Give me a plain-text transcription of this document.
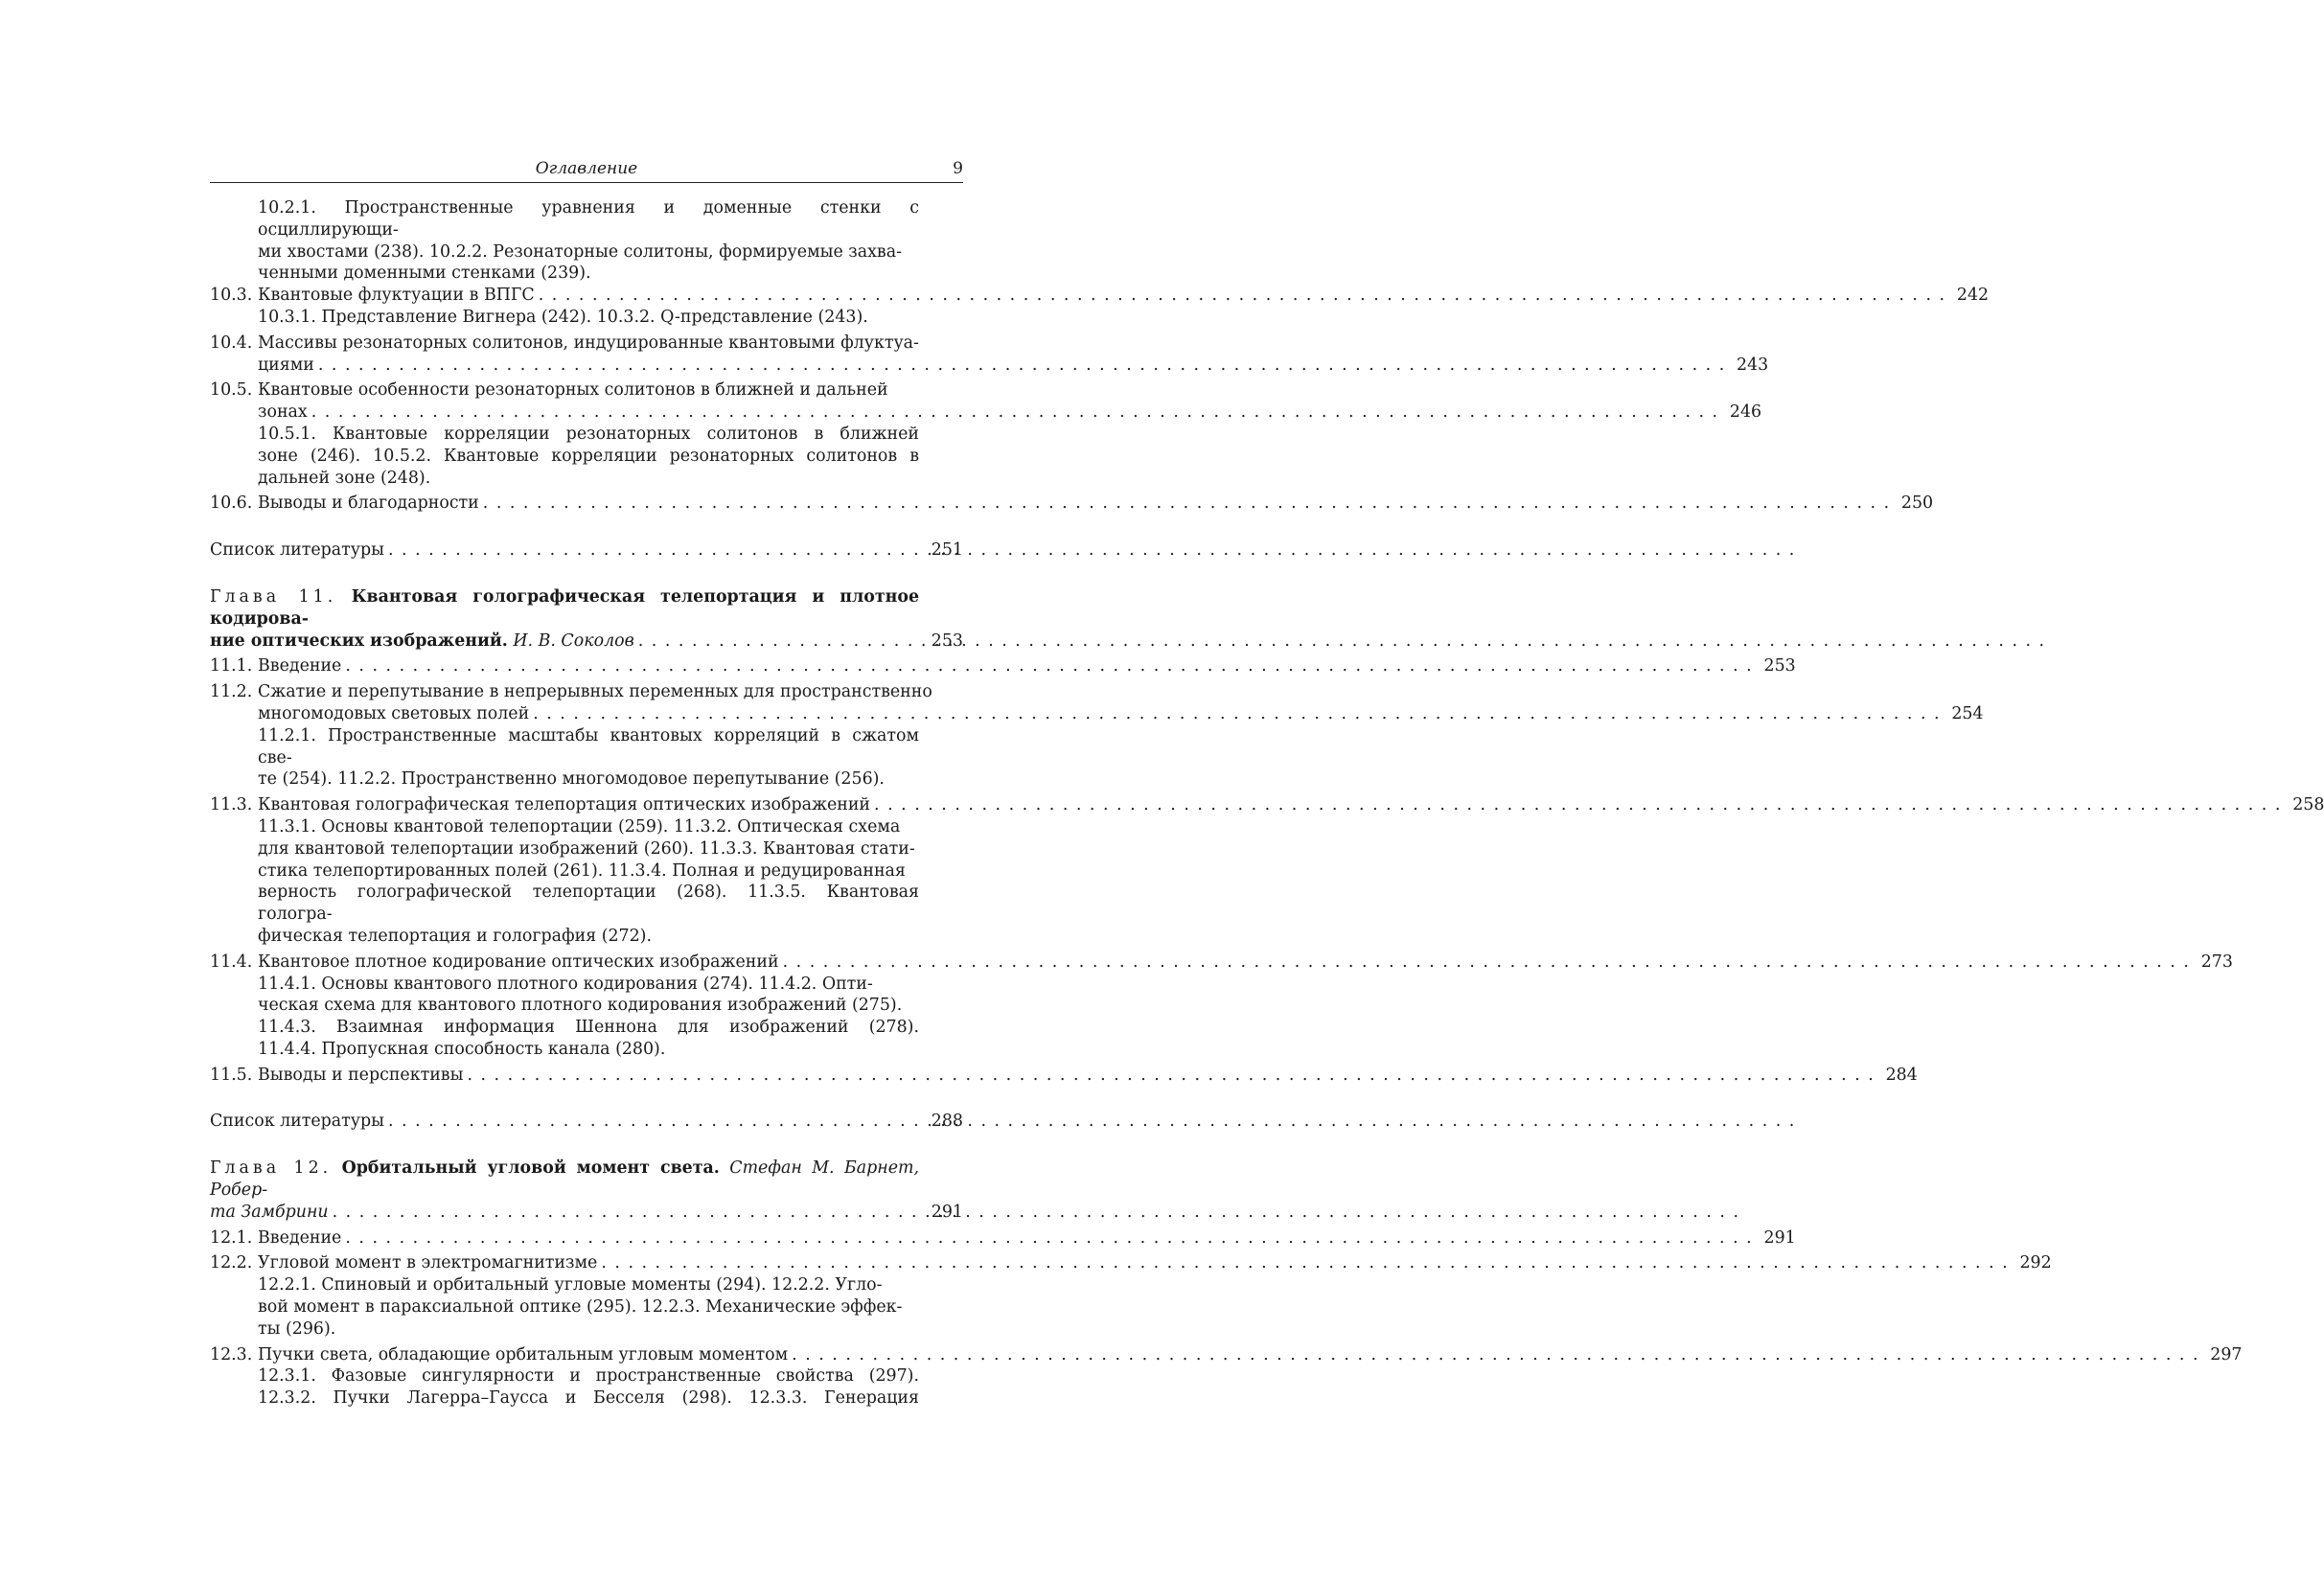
Оглавление	9
10.2.1. Пространственные уравнения и доменные стенки с осциллирующи-
ми хвостами (238). 10.2.2. Резонаторные солитоны, формируемые захва-
ченными доменными стенками (239).
10.3. Квантовые флуктуации в ВПГС . . .	242
10.3.1. Представление Вигнера (242). 10.3.2. Q-представление (243).
10.4. Массивы резонаторных солитонов, индуцированные квантовыми флуктуа-
циями . . .	243
10.5. Квантовые особенности резонаторных солитонов в ближней и дальней
зонах . . .	246
10.5.1. Квантовые корреляции резонаторных солитонов в ближней
зоне (246). 10.5.2. Квантовые корреляции резонаторных солитонов в
дальней зоне (248).
10.6. Выводы и благодарности . . .	250
Список литературы . . .	251
Глава 11. Квантовая голографическая телепортация и плотное кодирова-
ние оптических изображений. И. В. Соколов . . .	253
11.1. Введение . . .	253
11.2. Сжатие и перепутывание в непрерывных переменных для пространственно
многомодовых световых полей . . .	254
11.2.1. Пространственные масштабы квантовых корреляций в сжатом све-
те (254). 11.2.2. Пространственно многомодовое перепутывание (256).
11.3. Квантовая голографическая телепортация оптических изображений . . .	258
11.3.1. Основы квантовой телепортации (259). 11.3.2. Оптическая схема
для квантовой телепортации изображений (260). 11.3.3. Квантовая стати-
стика телепортированных полей (261). 11.3.4. Полная и редуцированная
верность голографической телепортации (268). 11.3.5. Квантовая гологра-
фическая телепортация и голография (272).
11.4. Квантовое плотное кодирование оптических изображений . . .	273
11.4.1. Основы квантового плотного кодирования (274). 11.4.2. Опти-
ческая схема для квантового плотного кодирования изображений (275).
11.4.3. Взаимная информация Шеннона для изображений (278).
11.4.4. Пропускная способность канала (280).
11.5. Выводы и перспективы . . .	284
Список литературы . . .	288
Глава 12. Орбитальный угловой момент света. Стефан М. Барнет, Робер-
та Замбрини . . .	291
12.1. Введение . . .	291
12.2. Угловой момент в электромагнитизме . . .	292
12.2.1. Спиновый и орбитальный угловые моменты (294). 12.2.2. Угло-
вой момент в параксиальной оптике (295). 12.2.3. Механические эффек-
ты (296).
12.3. Пучки света, обладающие орбитальным угловым моментом . . .	297
12.3.1. Фазовые сингулярности и пространственные свойства (297).
12.3.2. Пучки Лагерра–Гаусса и Бесселя (298). 12.3.3. Генерация
